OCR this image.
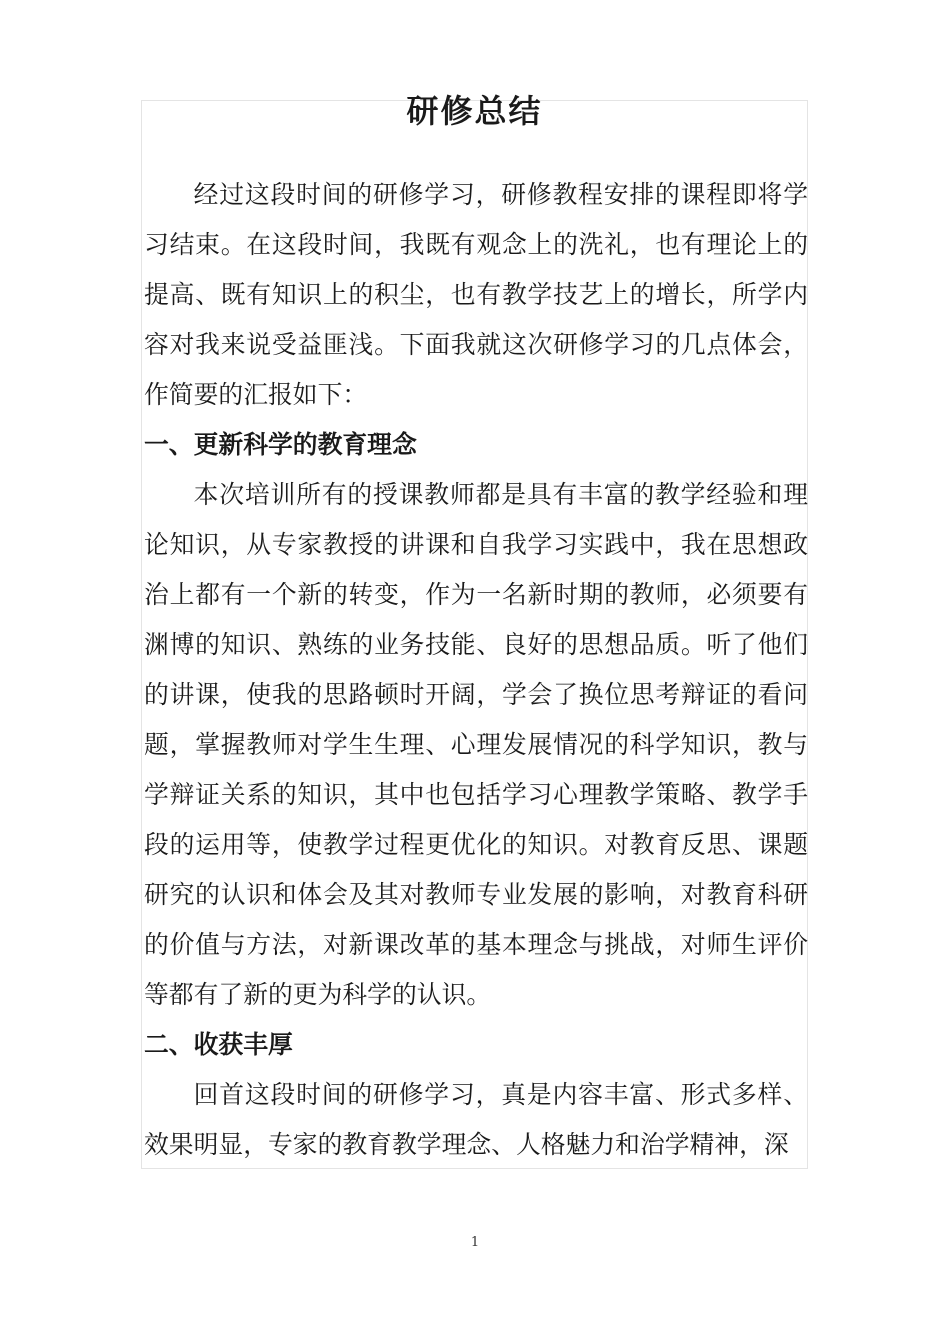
研修总结

经过这段时间的研修学习，研修教程安排的课程即将学习结束。在这段时间，我既有观念上的洗礼，也有理论上的提高、既有知识上的积尘，也有教学技艺上的增长，所学内容对我来说受益匪浅。下面我就这次研修学习的几点体会，作简要的汇报如下：

一、更新科学的教育理念

本次培训所有的授课教师都是具有丰富的教学经验和理论知识，从专家教授的讲课和自我学习实践中，我在思想政治上都有一个新的转变，作为一名新时期的教师，必须要有渊博的知识、熟练的业务技能、良好的思想品质。听了他们的讲课，使我的思路顿时开阔，学会了换位思考辩证的看问题，掌握教师对学生生理、心理发展情况的科学知识，教与学辩证关系的知识，其中也包括学习心理教学策略、教学手段的运用等，使教学过程更优化的知识。对教育反思、课题研究的认识和体会及其对教师专业发展的影响，对教育科研的价值与方法，对新课改革的基本理念与挑战，对师生评价等都有了新的更为科学的认识。

二、收获丰厚

回首这段时间的研修学习，真是内容丰富、形式多样、效果明显，专家的教育教学理念、人格魅力和治学精神，深

1
